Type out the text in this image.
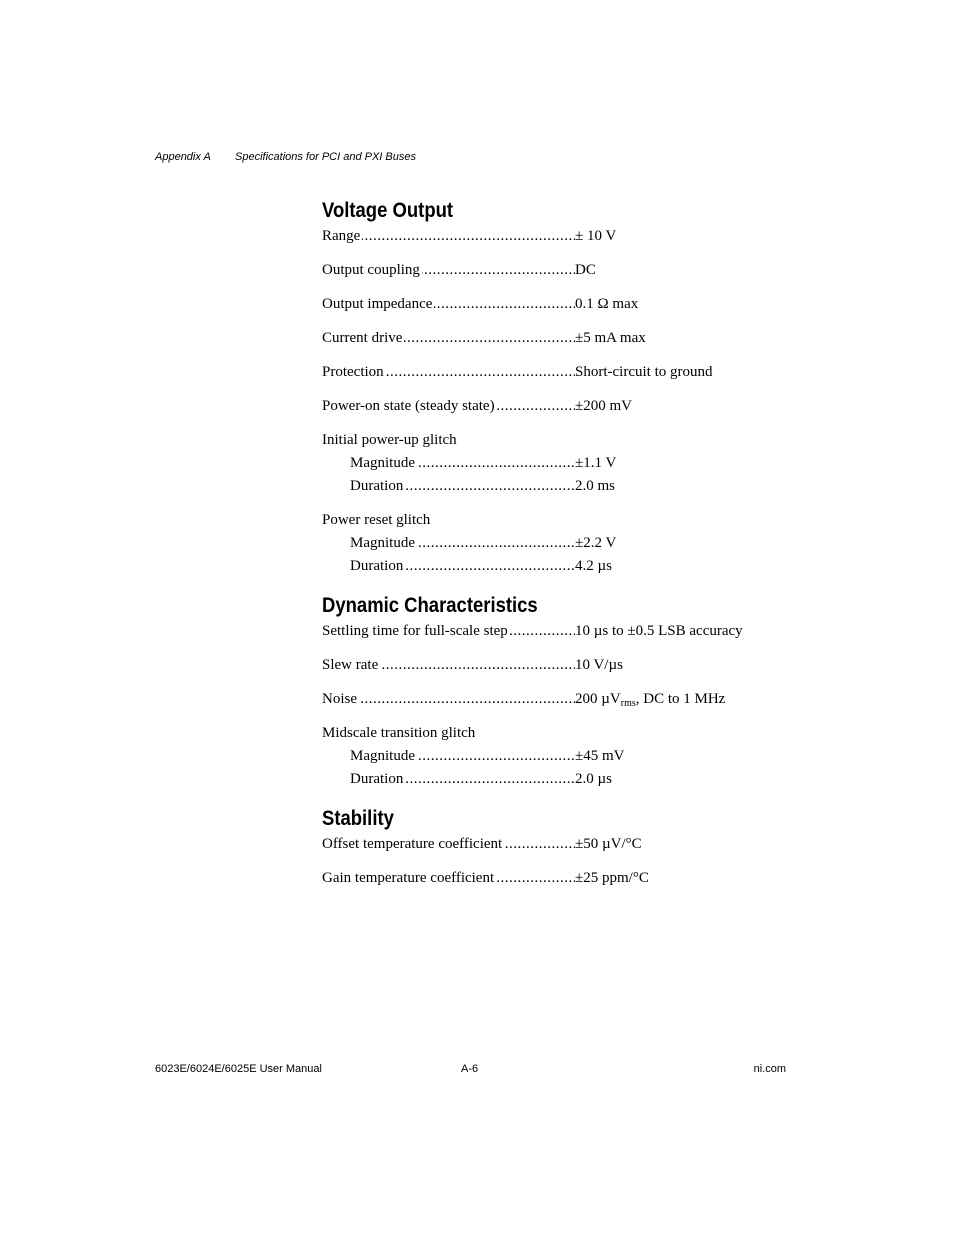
Appendix A Specifications for PCI and PXI Buses
Voltage Output
Range .....	± 10 V
Output coupling .....	DC
Output impedance .....	0.1 Ω max
Current drive .....	±5 mA max
Protection .....	Short-circuit to ground
Power-on state (steady state) .....	±200 mV
Initial power-up glitch
Magnitude .....	±1.1 V
Duration .....	2.0 ms
Power reset glitch
Magnitude .....	±2.2 V
Duration .....	4.2 µs
Dynamic Characteristics
Settling time for full-scale step .....	10 µs to ±0.5 LSB accuracy
Slew rate .....	10 V/µs
Noise .....	200 µV$_{rms}$, DC to 1 MHz
Midscale transition glitch
Magnitude .....	±45 mV
Duration .....	2.0 µs
Stability
Offset temperature coefficient .....	±50 µV/°C
Gain temperature coefficient .....	±25 ppm/°C
6023E/6024E/6025E User Manual	A-6	ni.com
